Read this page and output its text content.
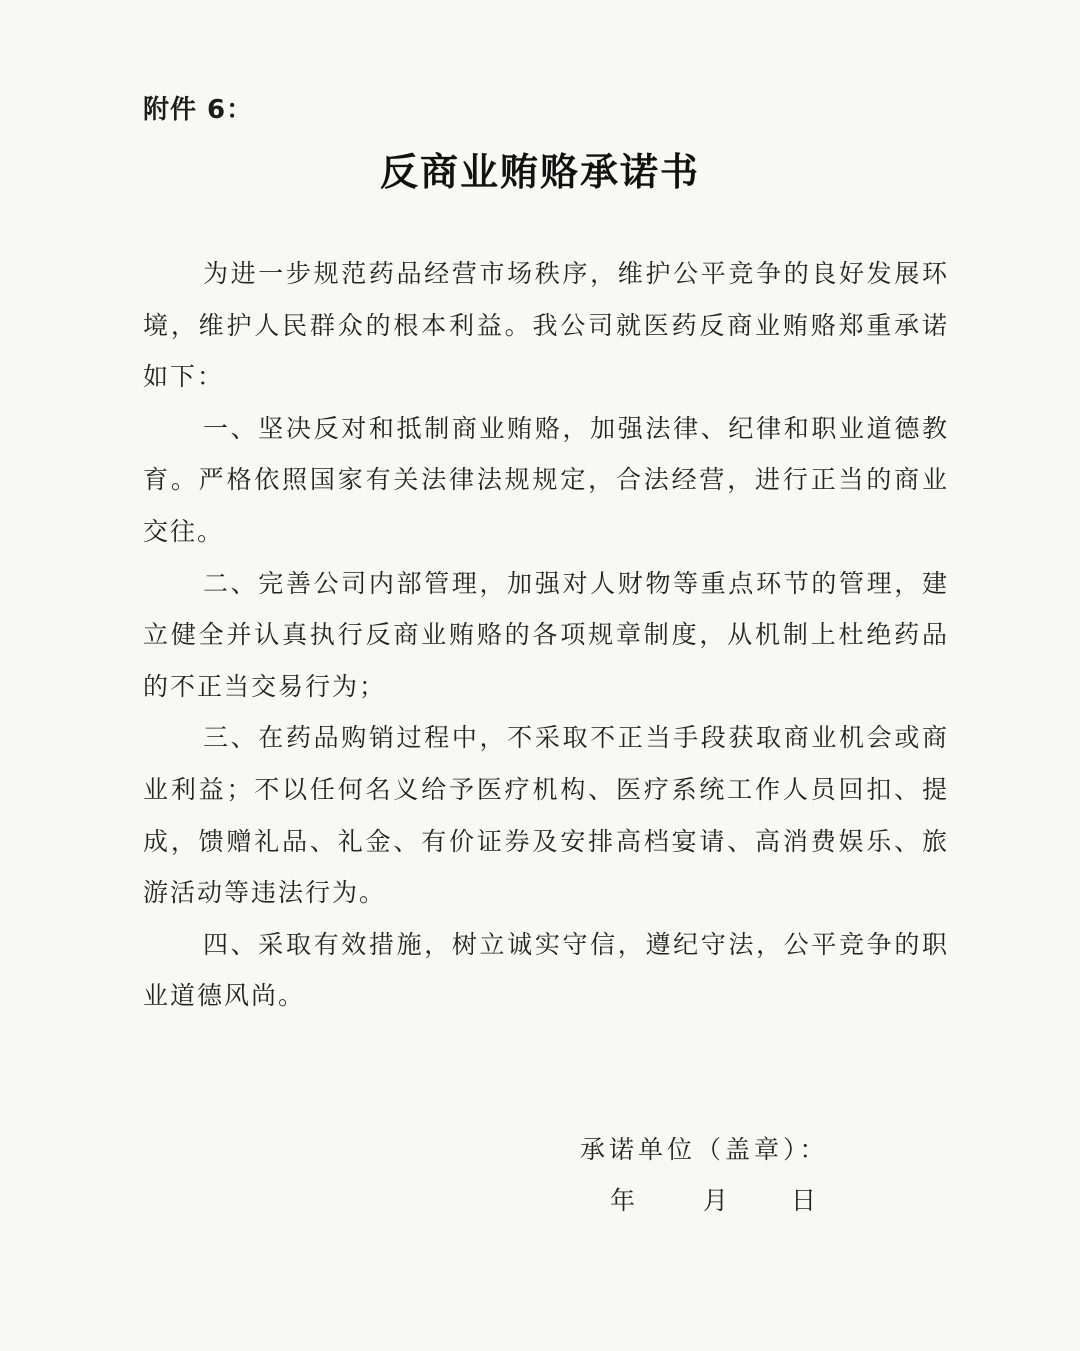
附件 6：
反商业贿赂承诺书

为进一步规范药品经营市场秩序，维护公平竞争的良好发展环境，维护人民群众的根本利益。我公司就医药反商业贿赂郑重承诺如下：

一、坚决反对和抵制商业贿赂，加强法律、纪律和职业道德教育。严格依照国家有关法律法规规定，合法经营，进行正当的商业交往。

二、完善公司内部管理，加强对人财物等重点环节的管理，建立健全并认真执行反商业贿赂的各项规章制度，从机制上杜绝药品的不正当交易行为；

三、在药品购销过程中，不采取不正当手段获取商业机会或商业利益；不以任何名义给予医疗机构、医疗系统工作人员回扣、提成，馈赠礼品、礼金、有价证券及安排高档宴请、高消费娱乐、旅游活动等违法行为。

四、采取有效措施，树立诚实守信，遵纪守法，公平竞争的职业道德风尚。

承诺单位（盖章）：
年	月	日
